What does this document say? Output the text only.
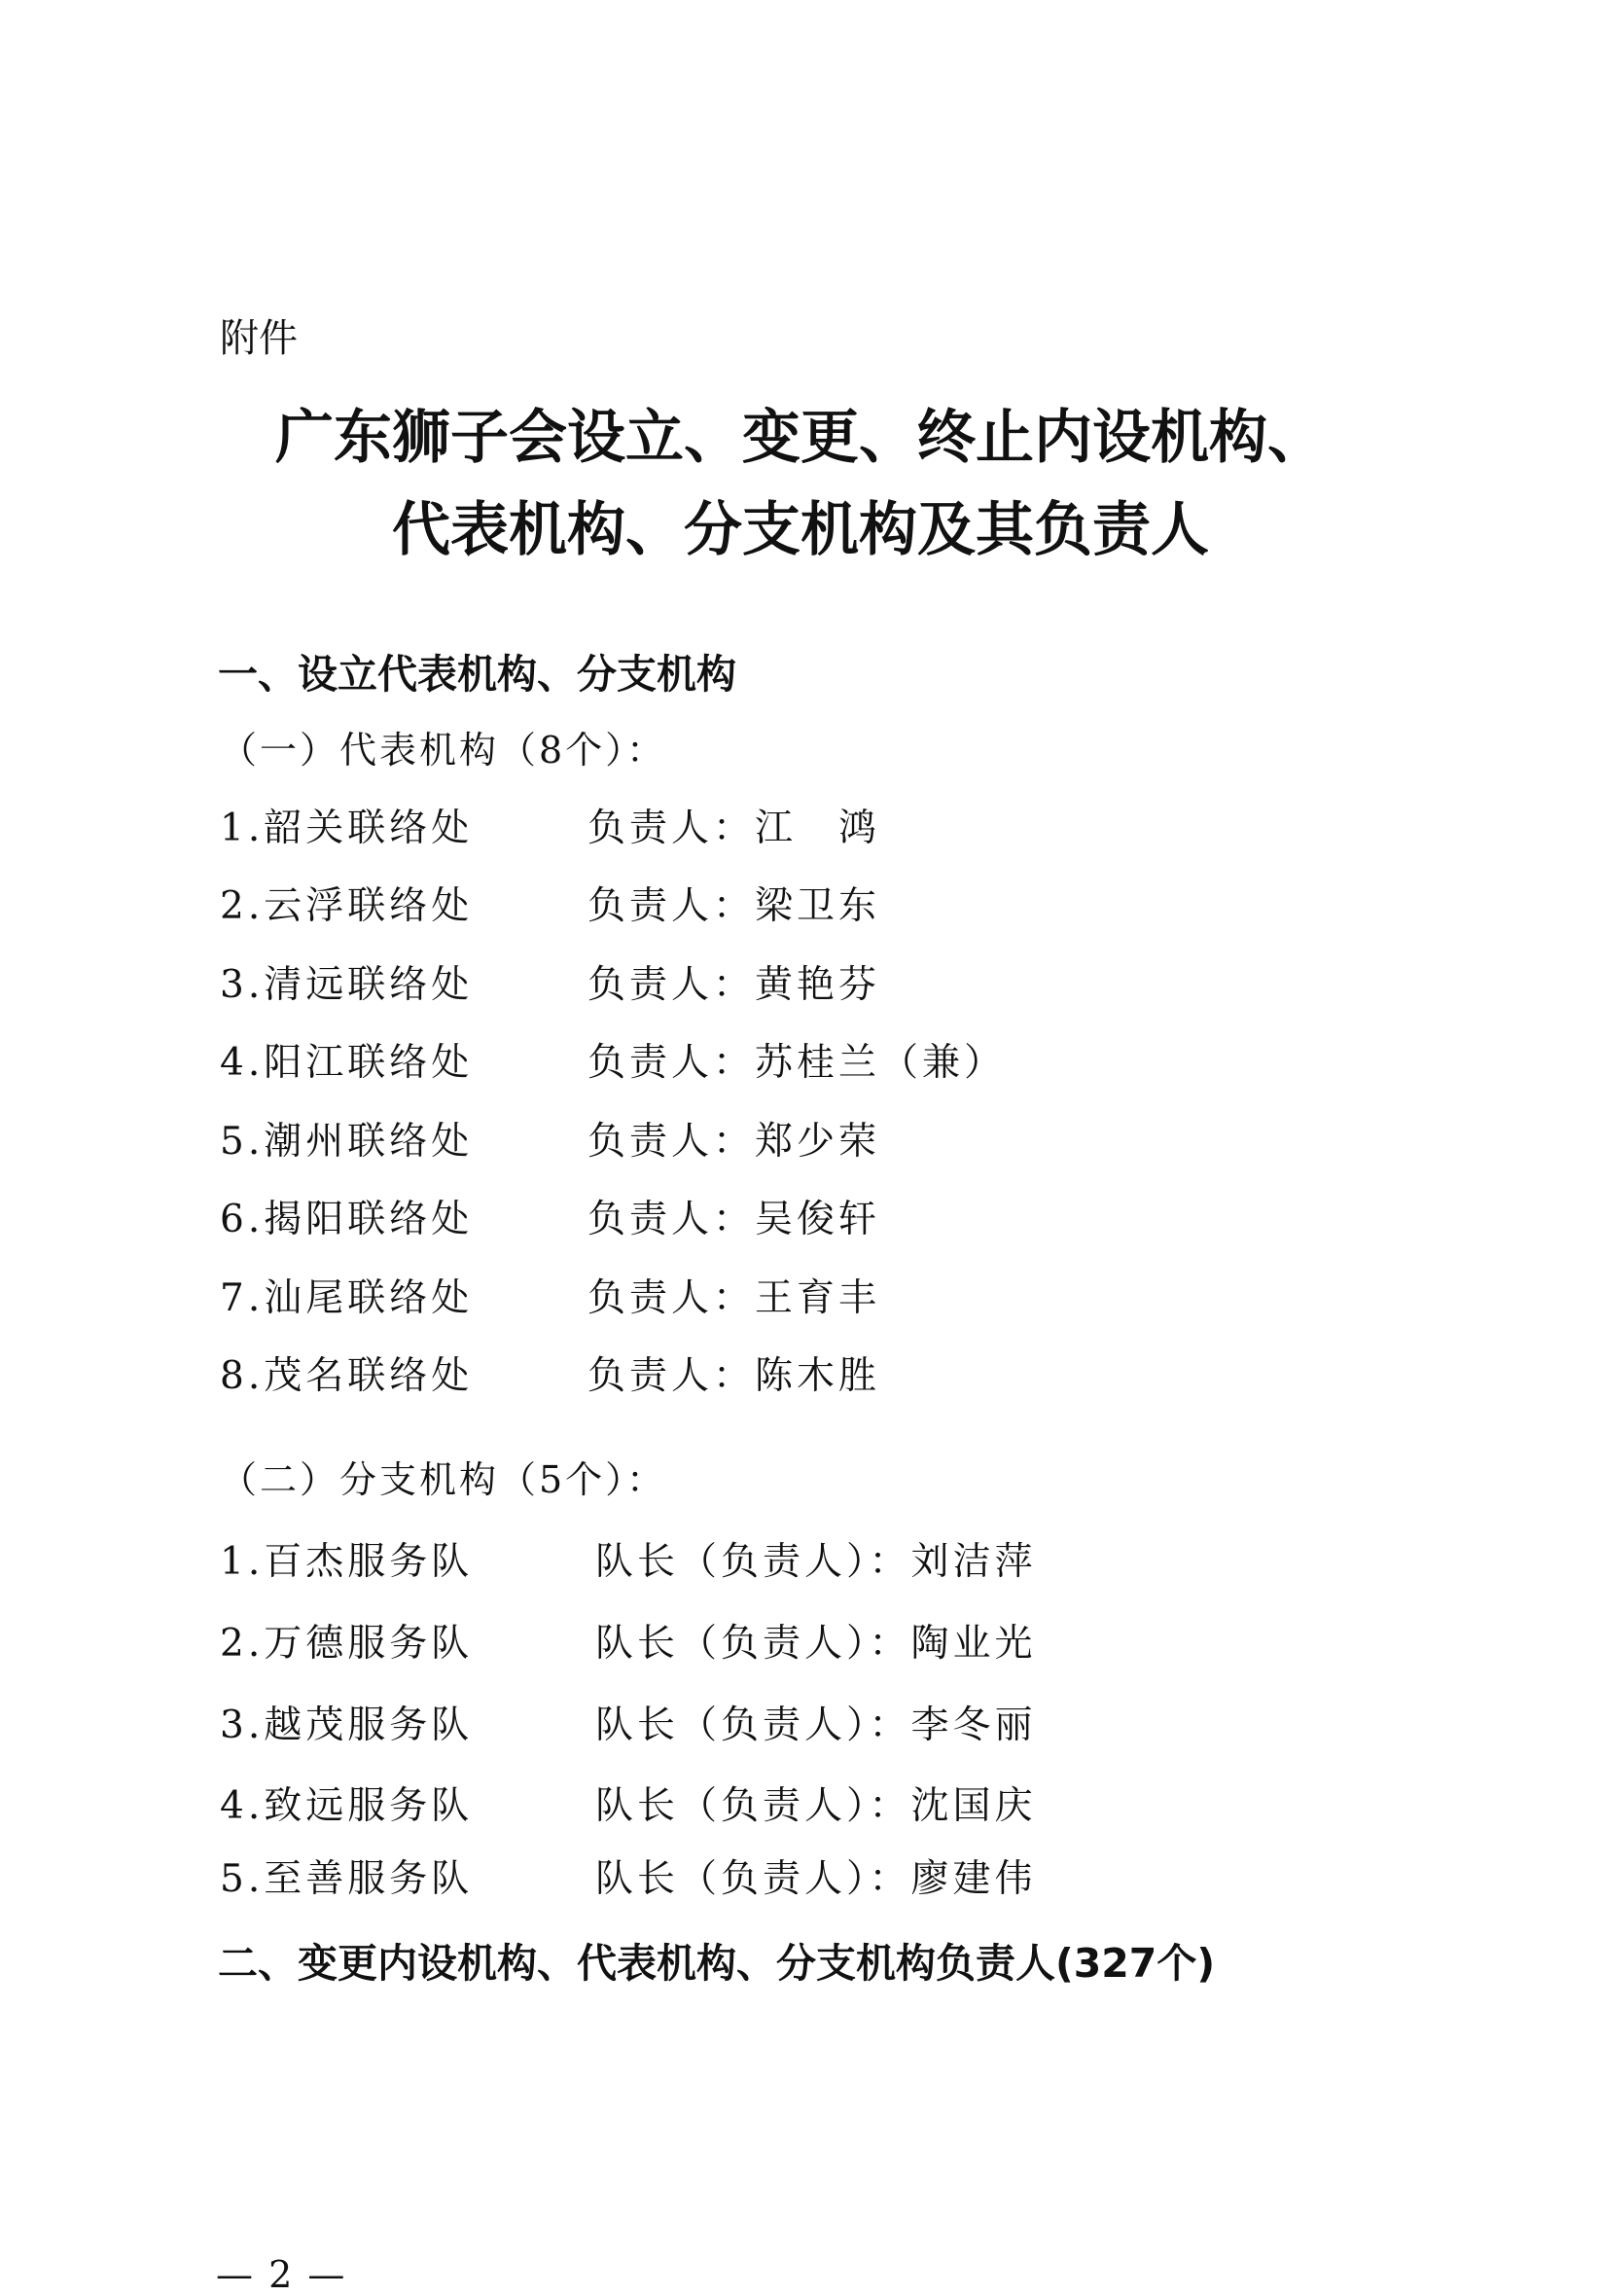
附件
广东狮子会设立、变更、终止内设机构、
代表机构、分支机构及其负责人
一、设立代表机构、分支机构
（一）代表机构（8个）：
1.韶关联络处	负责人：江　鸿
2.云浮联络处	负责人：梁卫东
3.清远联络处	负责人：黄艳芬
4.阳江联络处	负责人：苏桂兰（兼）
5.潮州联络处	负责人：郑少荣
6.揭阳联络处	负责人：吴俊轩
7.汕尾联络处	负责人：王育丰
8.茂名联络处	负责人：陈木胜
（二）分支机构（5个）：
1.百杰服务队	队长（负责人）：刘洁萍
2.万德服务队	队长（负责人）：陶业光
3.越茂服务队	队长（负责人）：李冬丽
4.致远服务队	队长（负责人）：沈国庆
5.至善服务队	队长（负责人）：廖建伟
二、变更内设机构、代表机构、分支机构负责人(327个)
— 2 —
